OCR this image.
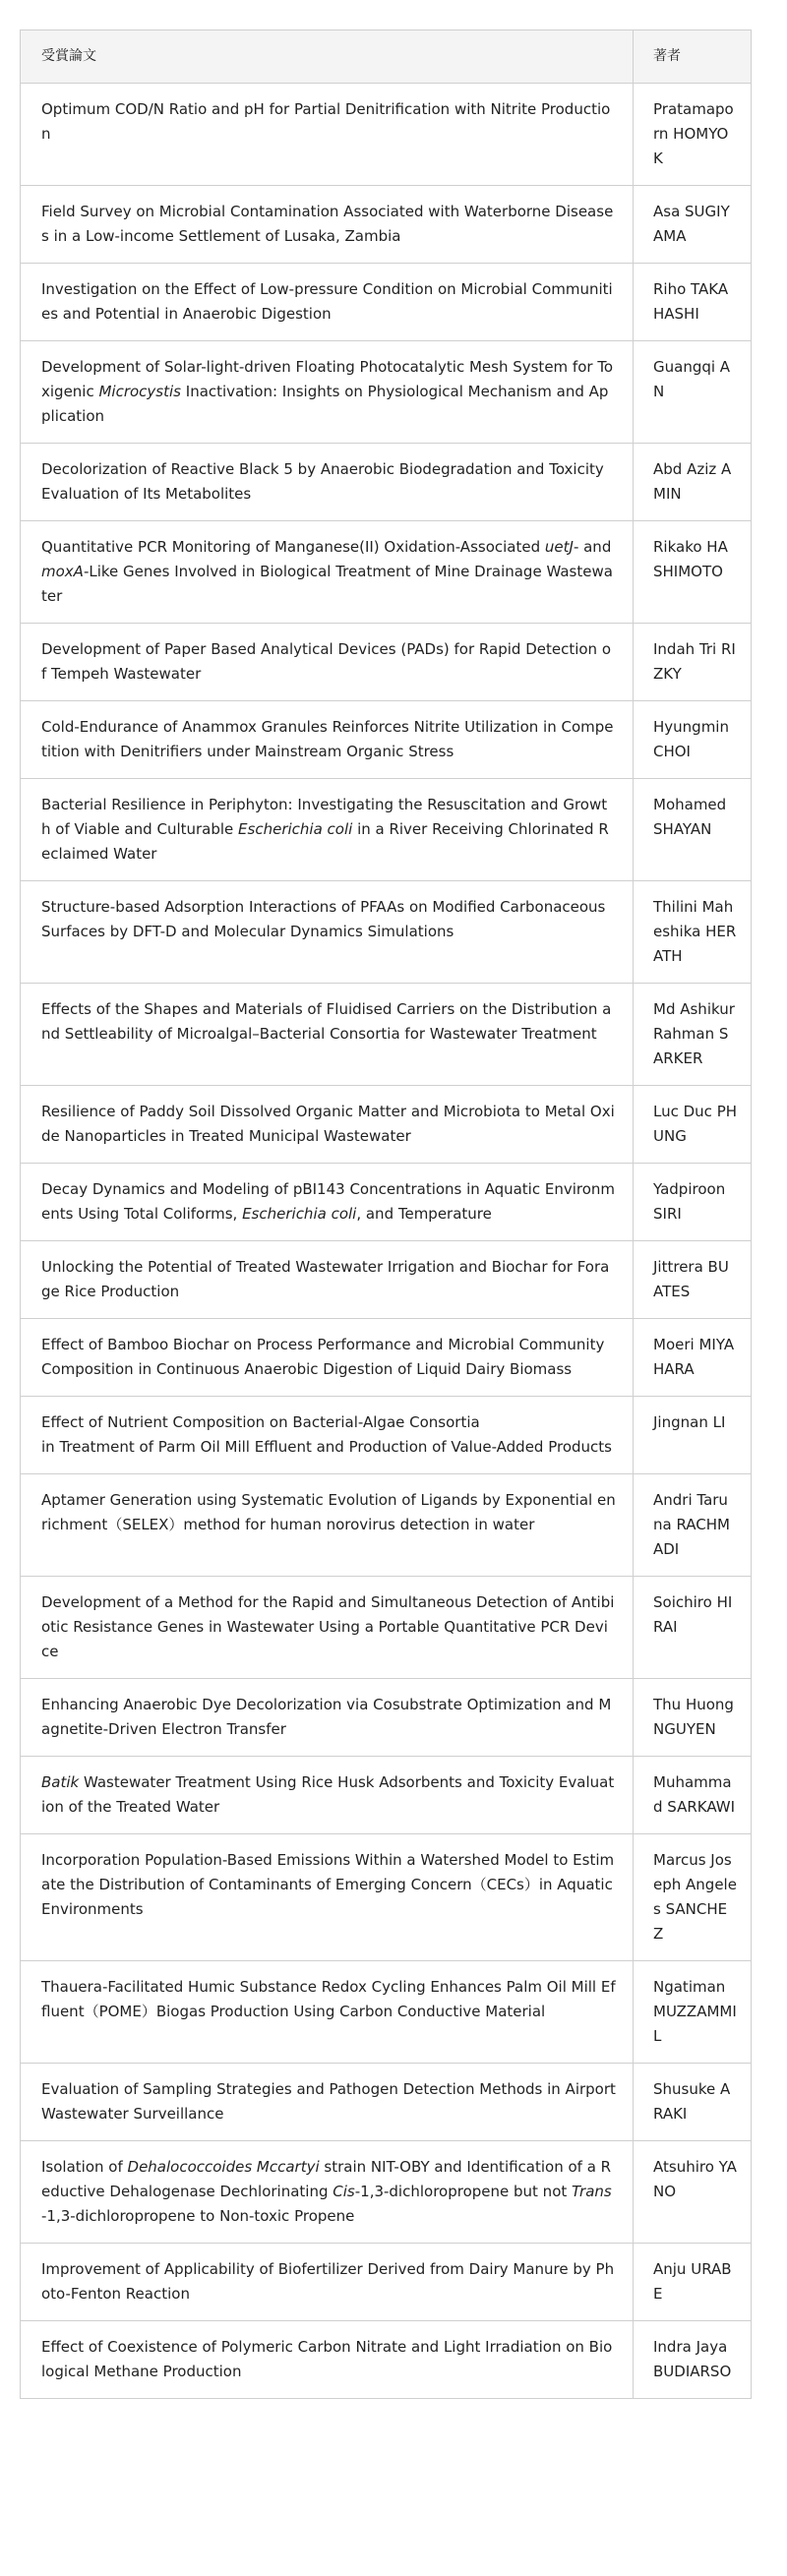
受賞論文	著者
Optimum COD/N Ratio and pH for Partial Denitrification with Nitrite Production	Pratamaporn HOMYOK
Field Survey on Microbial Contamination Associated with Waterborne Diseases in a Low-income Settlement of Lusaka, Zambia	Asa SUGIYAMA
Investigation on the Effect of Low-pressure Condition on Microbial Communities and Potential in Anaerobic Digestion	Riho TAKAHASHI
Development of Solar-light-driven Floating Photocatalytic Mesh System for Toxigenic Microcystis Inactivation: Insights on Physiological Mechanism and Application	Guangqi AN
Decolorization of Reactive Black 5 by Anaerobic Biodegradation and Toxicity Evaluation of Its Metabolites	Abd Aziz AMIN
Quantitative PCR Monitoring of Manganese(II) Oxidation-Associated uetJ- and moxA-Like Genes Involved in Biological Treatment of Mine Drainage Wastewater	Rikako HASHIMOTO
Development of Paper Based Analytical Devices (PADs) for Rapid Detection of Tempeh Wastewater	Indah Tri RIZKY
Cold-Endurance of Anammox Granules Reinforces Nitrite Utilization in Competition with Denitrifiers under Mainstream Organic Stress	Hyungmin CHOI
Bacterial Resilience in Periphyton: Investigating the Resuscitation and Growth of Viable and Culturable Escherichia coli in a River Receiving Chlorinated Reclaimed Water	Mohamed SHAYAN
Structure-based Adsorption Interactions of PFAAs on Modified Carbonaceous Surfaces by DFT-D and Molecular Dynamics Simulations	Thilini Maheshika HERATH
Effects of the Shapes and Materials of Fluidised Carriers on the Distribution and Settleability of Microalgal–Bacterial Consortia for Wastewater Treatment	Md Ashikur Rahman SARKER
Resilience of Paddy Soil Dissolved Organic Matter and Microbiota to Metal Oxide Nanoparticles in Treated Municipal Wastewater	Luc Duc PHUNG
Decay Dynamics and Modeling of pBI143 Concentrations in Aquatic Environments Using Total Coliforms, Escherichia coli, and Temperature	Yadpiroon SIRI
Unlocking the Potential of Treated Wastewater Irrigation and Biochar for Forage Rice Production	Jittrera BUATES
Effect of Bamboo Biochar on Process Performance and Microbial Community Composition in Continuous Anaerobic Digestion of Liquid Dairy Biomass	Moeri MIYAHARA
Effect of Nutrient Composition on Bacterial-Algae Consortia
in Treatment of Parm Oil Mill Effluent and Production of Value-Added Products	Jingnan LI
Aptamer Generation using Systematic Evolution of Ligands by Exponential enrichment（SELEX）method for human norovirus detection in water	Andri Taruna RACHMADI
Development of a Method for the Rapid and Simultaneous Detection of Antibiotic Resistance Genes in Wastewater Using a Portable Quantitative PCR Device	Soichiro HIRAI
Enhancing Anaerobic Dye Decolorization via Cosubstrate Optimization and Magnetite-Driven Electron Transfer	Thu Huong NGUYEN
Batik Wastewater Treatment Using Rice Husk Adsorbents and Toxicity Evaluation of the Treated Water	Muhammad SARKAWI
Incorporation Population-Based Emissions Within a Watershed Model to Estimate the Distribution of Contaminants of Emerging Concern（CECs）in Aquatic Environments	Marcus Joseph Angeles SANCHEZ
Thauera-Facilitated Humic Substance Redox Cycling Enhances Palm Oil Mill Effluent（POME）Biogas Production Using Carbon Conductive Material	Ngatiman MUZZAMMIL
Evaluation of Sampling Strategies and Pathogen Detection Methods in Airport Wastewater Surveillance	Shusuke ARAKI
Isolation of Dehalococcoides Mccartyi strain NIT-OBY and Identification of a Reductive Dehalogenase Dechlorinating Cis-1,3-dichloropropene but not Trans-1,3-dichloropropene to Non-toxic Propene	Atsuhiro YANO
Improvement of Applicability of Biofertilizer Derived from Dairy Manure by Photo-Fenton Reaction	Anju URABE
Effect of Coexistence of Polymeric Carbon Nitrate and Light Irradiation on Biological Methane Production	Indra Jaya BUDIARSO
